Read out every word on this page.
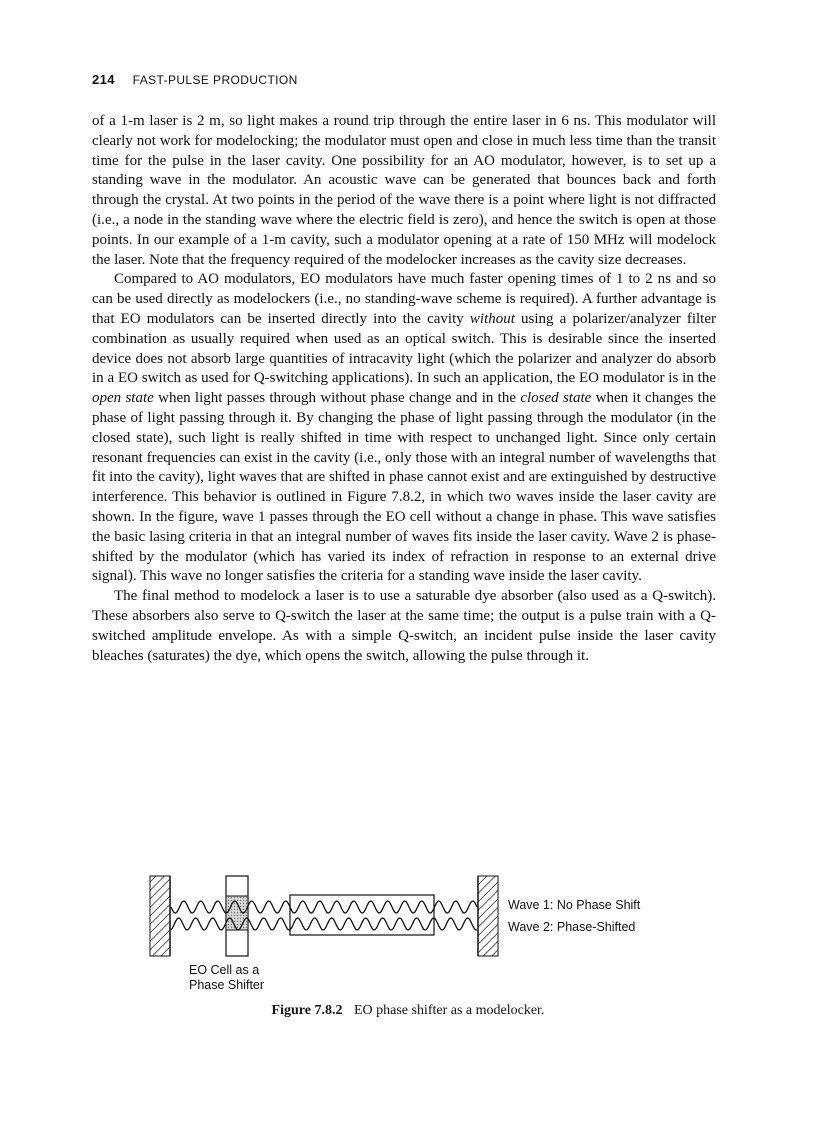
214 FAST-PULSE PRODUCTION

of a 1-m laser is 2 m, so light makes a round trip through the entire laser in 6 ns. This modulator will clearly not work for modelocking; the modulator must open and close in much less time than the transit time for the pulse in the laser cavity. One possibility for an AO modulator, however, is to set up a standing wave in the modulator. An acoustic wave can be generated that bounces back and forth through the crystal. At two points in the period of the wave there is a point where light is not diffracted (i.e., a node in the standing wave where the electric field is zero), and hence the switch is open at those points. In our example of a 1-m cavity, such a modulator opening at a rate of 150 MHz will modelock the laser. Note that the frequency required of the modelocker increases as the cavity size decreases.

Compared to AO modulators, EO modulators have much faster opening times of 1 to 2 ns and so can be used directly as modelockers (i.e., no standing-wave scheme is required). A further advantage is that EO modulators can be inserted directly into the cavity without using a polarizer/analyzer filter combination as usually required when used as an optical switch. This is desirable since the inserted device does not absorb large quantities of intracavity light (which the polarizer and analyzer do absorb in a EO switch as used for Q-switching applications). In such an application, the EO modulator is in the open state when light passes through without phase change and in the closed state when it changes the phase of light passing through it. By changing the phase of light passing through the modulator (in the closed state), such light is really shifted in time with respect to unchanged light. Since only certain resonant frequencies can exist in the cavity (i.e., only those with an integral number of wavelengths that fit into the cavity), light waves that are shifted in phase cannot exist and are extinguished by destructive interference. This behavior is outlined in Figure 7.8.2, in which two waves inside the laser cavity are shown. In the figure, wave 1 passes through the EO cell without a change in phase. This wave satisfies the basic lasing criteria in that an integral number of waves fits inside the laser cavity. Wave 2 is phase-shifted by the modulator (which has varied its index of refraction in response to an external drive signal). This wave no longer satisfies the criteria for a standing wave inside the laser cavity.

The final method to modelock a laser is to use a saturable dye absorber (also used as a Q-switch). These absorbers also serve to Q-switch the laser at the same time; the output is a pulse train with a Q-switched amplitude envelope. As with a simple Q-switch, an incident pulse inside the laser cavity bleaches (saturates) the dye, which opens the switch, allowing the pulse through it.

Wave 1: No Phase Shift
Wave 2: Phase-Shifted
EO Cell as a
Phase Shifter
Figure 7.8.2 EO phase shifter as a modelocker.
